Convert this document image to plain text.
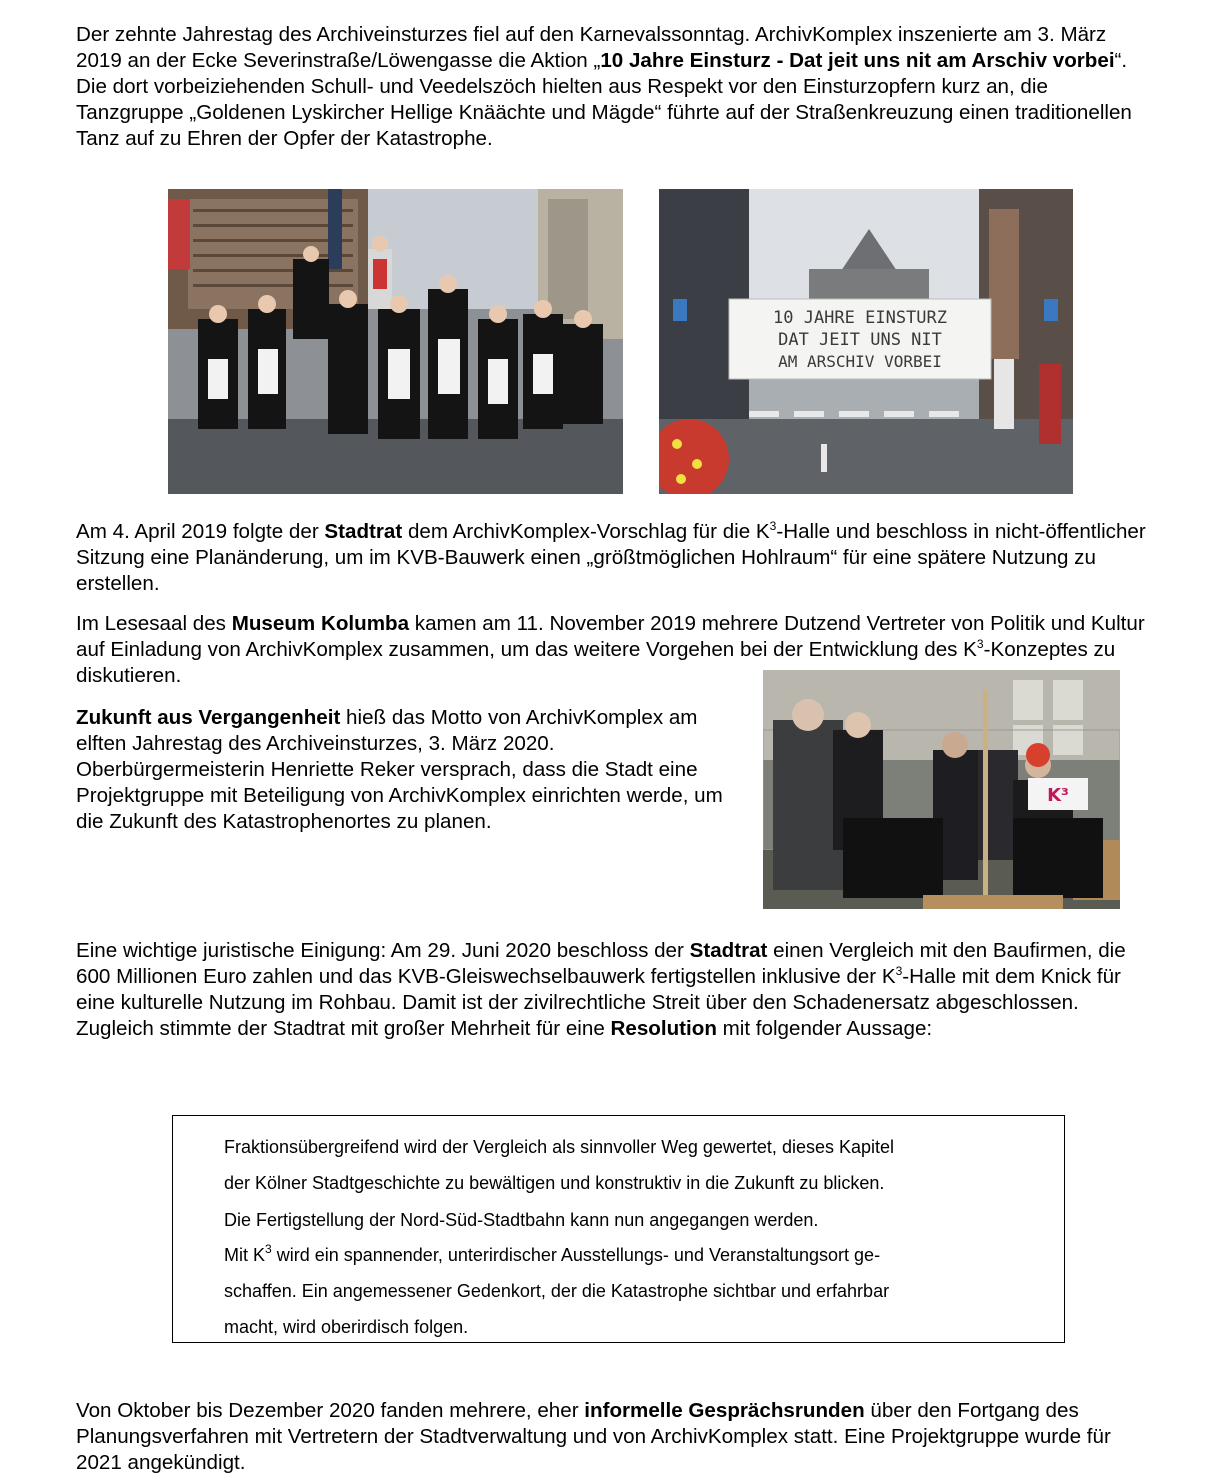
Der zehnte Jahrestag des Archiveinsturzes fiel auf den Karnevalssonntag. ArchivKomplex inszenierte am 3. März 2019 an der Ecke Severinstraße/Löwengasse die Aktion „10 Jahre Einsturz - Dat jeit uns nit am Arschiv vorbei“. Die dort vorbeiziehenden Schull- und Veedelszöch hielten aus Respekt vor den Einsturzopfern kurz an, die Tanzgruppe „Goldenen Lyskircher Hellige Knäächte und Mägde“ führte auf der Straßenkreuzung einen traditionellen Tanz auf zu Ehren der Opfer der Katastrophe.

10 JAHRE EINSTURZ
DAT JEIT UNS NIT
AM ARSCHIV VORBEI

Am 4. April 2019 folgte der Stadtrat dem ArchivKomplex-Vorschlag für die $K^3$-Halle und beschloss in nicht-öffentlicher Sitzung eine Planänderung, um im KVB-Bauwerk einen „größtmöglichen Hohlraum“ für eine spätere Nutzung zu erstellen.

Im Lesesaal des Museum Kolumba kamen am 11. November 2019 mehrere Dutzend Vertreter von Politik und Kultur auf Einladung von ArchivKomplex zusammen, um das weitere Vorgehen bei der Entwicklung des $K^3$-Konzeptes zu diskutieren.

Zukunft aus Vergangenheit hieß das Motto von ArchivKomplex am elften Jahrestag des Archiveinsturzes, 3. März 2020. Oberbürgermeisterin Henriette Reker versprach, dass die Stadt eine Projektgruppe mit Beteiligung von ArchivKomplex einrichten werde, um die Zukunft des Katastrophenortes zu planen.

K³

Eine wichtige juristische Einigung: Am 29. Juni 2020 beschloss der Stadtrat einen Vergleich mit den Baufirmen, die 600 Millionen Euro zahlen und das KVB-Gleiswechselbauwerk fertigstellen inklusive der $K^3$-Halle mit dem Knick für eine kulturelle Nutzung im Rohbau. Damit ist der zivilrechtliche Streit über den Schadenersatz abgeschlossen. Zugleich stimmte der Stadtrat mit großer Mehrheit für eine Resolution mit folgender Aussage:

Fraktionsübergreifend wird der Vergleich als sinnvoller Weg gewertet, dieses Kapitel
der Kölner Stadtgeschichte zu bewältigen und konstruktiv in die Zukunft zu blicken.
Die Fertigstellung der Nord-Süd-Stadtbahn kann nun angegangen werden.
Mit $K^3$ wird ein spannender, unterirdischer Ausstellungs- und Veranstaltungsort ge-
schaffen. Ein angemessener Gedenkort, der die Katastrophe sichtbar und erfahrbar
macht, wird oberirdisch folgen.

Von Oktober bis Dezember 2020 fanden mehrere, eher informelle Gesprächsrunden über den Fortgang des Planungsverfahren mit Vertretern der Stadtverwaltung und von ArchivKomplex statt. Eine Projektgruppe wurde für 2021 angekündigt.
